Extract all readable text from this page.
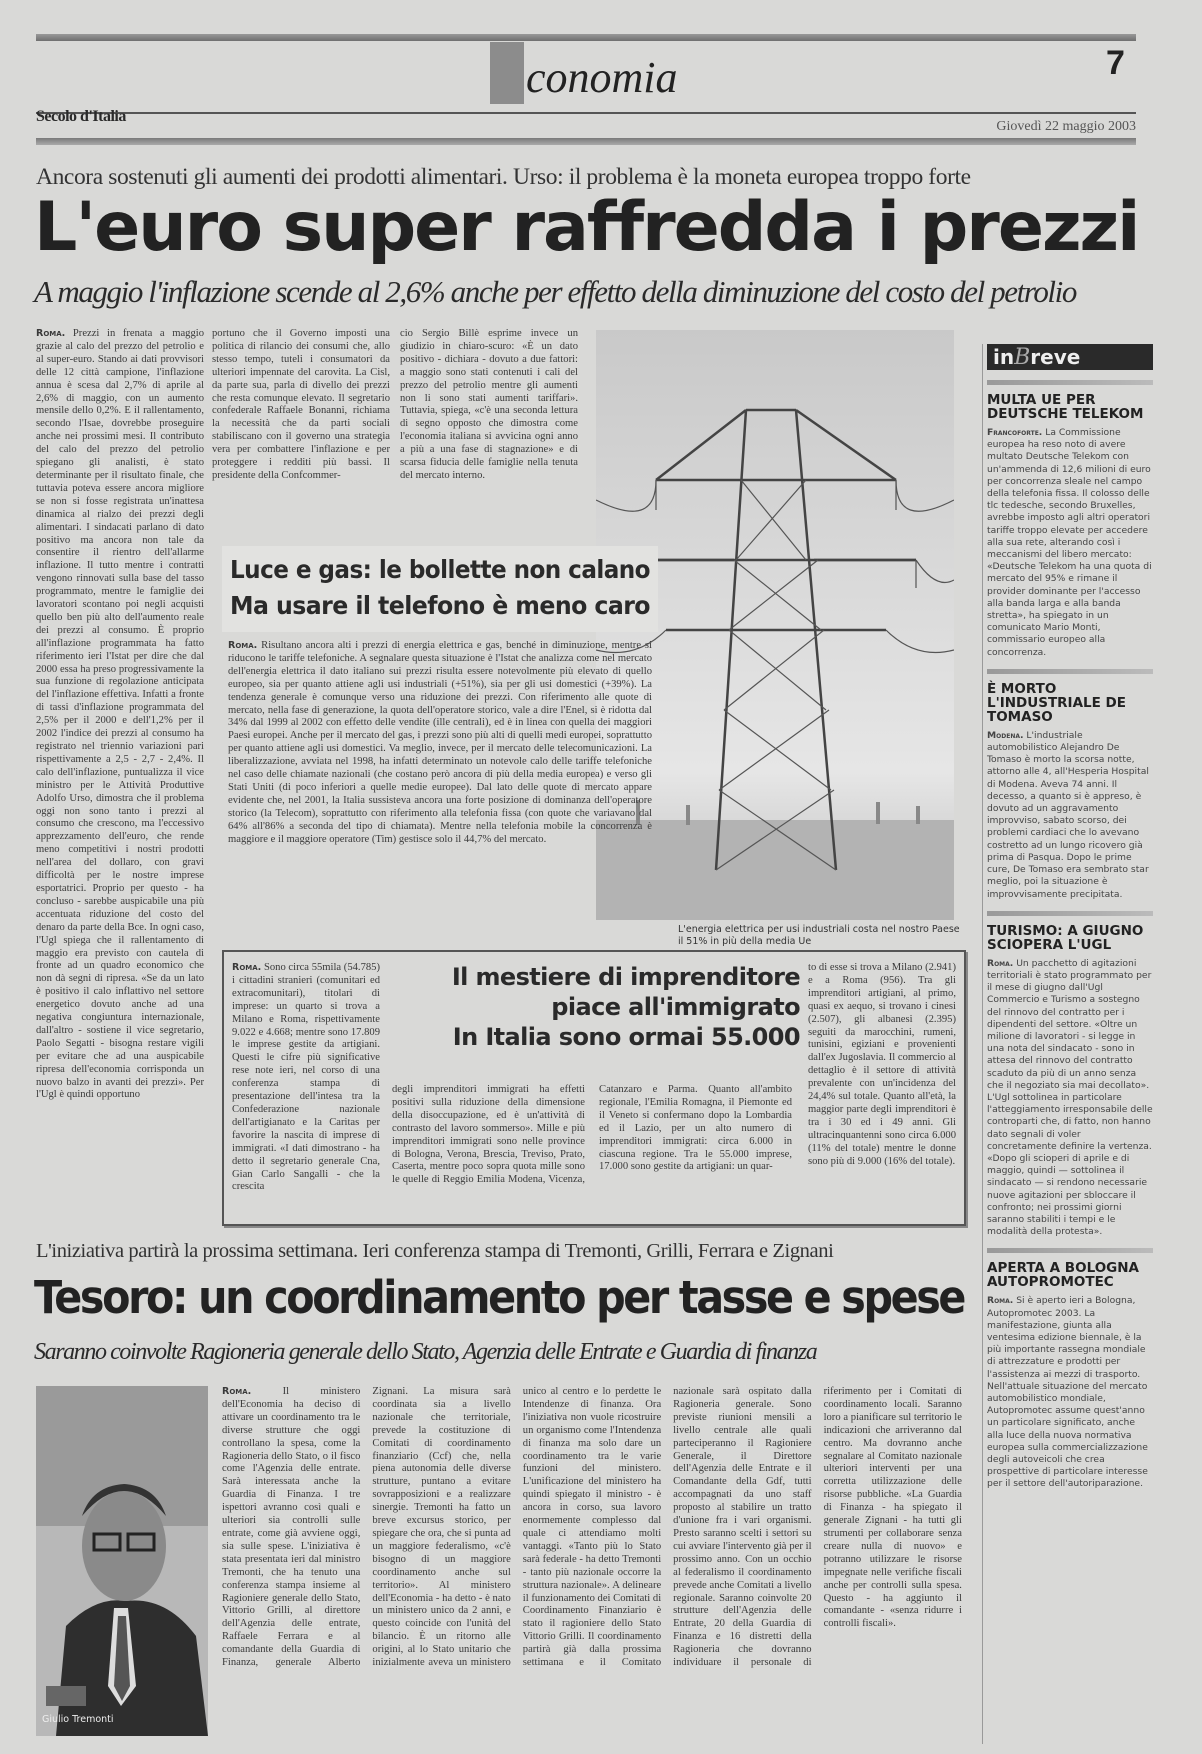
conomia	7
Secolo d'Italia
Giovedì 22 maggio 2003
Ancora sostenuti gli aumenti dei prodotti alimentari. Urso: il problema è la moneta europea troppo forte
L'euro super raffredda i prezzi
A maggio l'inflazione scende al 2,6% anche per effetto della diminuzione del costo del petrolio
Roma. Prezzi in frenata a maggio grazie al calo del prezzo del petrolio e al super-euro. Stando ai dati provvisori delle 12 città campione, l'inflazione annua è scesa dal 2,7% di aprile al 2,6% di maggio, con un aumento mensile dello 0,2%. E il rallentamento, secondo l'Isae, dovrebbe proseguire anche nei prossimi mesi. Il contributo del calo del prezzo del petrolio spiegano gli analisti, è stato determinante per il risultato finale, che tuttavia poteva essere ancora migliore se non si fosse registrata un'inattesa dinamica al rialzo dei prezzi degli alimentari. I sindacati parlano di dato positivo ma ancora non tale da consentire il rientro dell'allarme inflazione. Il tutto mentre i contratti vengono rinnovati sulla base del tasso programmato, mentre le famiglie dei lavoratori scontano poi negli acquisti quello ben più alto dell'aumento reale dei prezzi al consumo. È proprio all'inflazione programmata ha fatto riferimento ieri l'Istat per dire che dal 2000 essa ha preso progressivamente la sua funzione di regolazione anticipata del l'inflazione effettiva. Infatti a fronte di tassi d'inflazione programmata del 2,5% per il 2000 e dell'1,2% per il 2002 l'indice dei prezzi al consumo ha registrato nel triennio variazioni pari rispettivamente a 2,5 - 2,7 - 2,4%. Il calo dell'inflazione, puntualizza il vice ministro per le Attività Produttive Adolfo Urso, dimostra che il problema oggi non sono tanto i prezzi al consumo che crescono, ma l'eccessivo apprezzamento dell'euro, che rende meno competitivi i nostri prodotti nell'area del dollaro, con gravi difficoltà per le nostre imprese esportatrici. Proprio per questo - ha concluso - sarebbe auspicabile una più accentuata riduzione del costo del denaro da parte della Bce. In ogni caso, l'Ugl spiega che il rallentamento di maggio era previsto con cautela di fronte ad un quadro economico che non dà segni di ripresa. «Se da un lato è positivo il calo inflattivo nel settore energetico dovuto anche ad una negativa congiuntura internazionale, dall'altro - sostiene il vice segretario, Paolo Segatti - bisogna restare vigili per evitare che ad una auspicabile ripresa dell'economia corrisponda un nuovo balzo in avanti dei prezzi». Per l'Ugl è quindi opportuno
portuno che il Governo imposti una politica di rilancio dei consumi che, allo stesso tempo, tuteli i consumatori da ulteriori impennate del carovita. La Cisl, da parte sua, parla di divello dei prezzi che resta comunque elevato. Il segretario confederale Raffaele Bonanni, richiama la necessità che da parti sociali stabiliscano con il governo una strategia vera per combattere l'inflazione e per proteggere i redditi più bassi. Il presidente della Confcommer-
cio Sergio Billè esprime invece un giudizio in chiaro-scuro: «È un dato positivo - dichiara - dovuto a due fattori: a maggio sono stati contenuti i cali del prezzo del petrolio mentre gli aumenti non li sono stati aumenti tariffari». Tuttavia, spiega, «c'è una seconda lettura di segno opposto che dimostra come l'economia italiana si avvicina ogni anno a più a una fase di stagnazione» e di scarsa fiducia delle famiglie nella tenuta del mercato interno.
L'energia elettrica per usi industriali costa nel nostro Paese il 51% in più della media Ue
Luce e gas: le bollette non calano
Ma usare il telefono è meno caro
Roma. Risultano ancora alti i prezzi di energia elettrica e gas, benché in diminuzione, mentre si riducono le tariffe telefoniche. A segnalare questa situazione è l'Istat che analizza come nel mercato dell'energia elettrica il dato italiano sui prezzi risulta essere notevolmente più elevato di quello europeo, sia per quanto attiene agli usi industriali (+51%), sia per gli usi domestici (+39%). La tendenza generale è comunque verso una riduzione dei prezzi. Con riferimento alle quote di mercato, nella fase di generazione, la quota dell'operatore storico, vale a dire l'Enel, si è ridotta dal 34% dal 1999 al 2002 con effetto delle vendite (ille centrali), ed è in linea con quella dei maggiori Paesi europei. Anche per il mercato del gas, i prezzi sono più alti di quelli medi europei, soprattutto per quanto attiene agli usi domestici. Va meglio, invece, per il mercato delle telecomunicazioni. La liberalizzazione, avviata nel 1998, ha infatti determinato un notevole calo delle tariffe telefoniche nel caso delle chiamate nazionali (che costano però ancora di più della media europea) e verso gli Stati Uniti (di poco inferiori a quelle medie europee). Dal lato delle quote di mercato appare evidente che, nel 2001, la Italia sussisteva ancora una forte posizione di dominanza dell'operatore storico (la Telecom), soprattutto con riferimento alla telefonia fissa (con quote che variavano dal 64% all'86% a seconda del tipo di chiamata). Mentre nella telefonia mobile la concorrenza è maggiore e il maggiore operatore (Tim) gestisce solo il 44,7% del mercato.
Roma. Sono circa 55mila (54.785) i cittadini stranieri (comunitari ed extracomunitari), titolari di imprese: un quarto si trova a Milano e Roma, rispettivamente 9.022 e 4.668; mentre sono 17.809 le imprese gestite da artigiani. Questi le cifre più significative rese note ieri, nel corso di una conferenza stampa di presentazione dell'intesa tra la Confederazione nazionale dell'artigianato e la Caritas per favorire la nascita di imprese di immigrati. «I dati dimostrano - ha detto il segretario generale Cna, Gian Carlo Sangalli - che la crescita
Il mestiere di imprenditore
piace all'immigrato
In Italia sono ormai 55.000
degli imprenditori immigrati ha effetti positivi sulla riduzione della dimensione della disoccupazione, ed è un'attività di contrasto del lavoro sommerso». Mille e più imprenditori immigrati sono nelle province di Bologna, Verona, Brescia, Treviso, Prato, Caserta, mentre poco sopra quota mille sono le quelle di Reggio Emilia Modena, Vicenza, Catanzaro e Parma. Quanto all'ambito regionale, l'Emilia Romagna, il Piemonte ed il Veneto si confermano dopo la Lombardia ed il Lazio, per un alto numero di imprenditori immigrati: circa 6.000 in ciascuna regione. Tra le 55.000 imprese, 17.000 sono gestite da artigiani: un quar-
to di esse si trova a Milano (2.941) e a Roma (956). Tra gli imprenditori artigiani, al primo, quasi ex aequo, si trovano i cinesi (2.507), gli albanesi (2.395) seguiti da marocchini, rumeni, tunisini, egiziani e provenienti dall'ex Jugoslavia. Il commercio al dettaglio è il settore di attività prevalente con un'incidenza del 24,4% sul totale. Quanto all'età, la maggior parte degli imprenditori è tra i 30 ed i 49 anni. Gli ultracinquantenni sono circa 6.000 (11% del totale) mentre le donne sono più di 9.000 (16% del totale).
L'iniziativa partirà la prossima settimana. Ieri conferenza stampa di Tremonti, Grilli, Ferrara e Zignani
Tesoro: un coordinamento per tasse e spese
Saranno coinvolte Ragioneria generale dello Stato, Agenzia delle Entrate e Guardia di finanza
Giulio Tremonti
Roma.	Il ministero dell'Economia ha deciso di attivare un coordinamento tra le diverse strutture che oggi controllano la spesa, come la Ragioneria dello Stato, o il fisco come l'Agenzia delle entrate. Sarà interessata anche la Guardia di Finanza. I tre ispettori avranno così quali e ulteriori sia controlli sulle entrate, come già avviene oggi, sia sulle spese. L'iniziativa è stata presentata ieri dal ministro Tremonti, che ha tenuto una conferenza stampa insieme al Ragioniere generale dello Stato, Vittorio Grilli, al direttore dell'Agenzia delle entrate, Raffaele Ferrara e al comandante della Guardia di Finanza, generale Alberto Zignani. La misura sarà coordinata sia a livello nazionale che territoriale, prevede la costituzione di Comitati di coordinamento finanziario (Ccf) che, nella piena autonomia delle diverse strutture, puntano a evitare sovrapposizioni e a realizzare sinergie. Tremonti ha fatto un breve excursus storico, per spiegare che ora, che si punta ad un maggiore federalismo, «c'è bisogno di un maggiore coordinamento anche sul territorio». Al ministero dell'Economia - ha detto - è nato un ministero unico da 2 anni, e questo coincide con l'unità del bilancio. È un ritorno alle origini, al lo Stato unitario che inizialmente aveva un ministero unico al centro e lo perdette le Intendenze di finanza. Ora l'iniziativa non vuole ricostruire un organismo come l'Intendenza di finanza ma solo dare un coordinamento tra le varie funzioni del ministero. L'unificazione del ministero ha quindi spiegato il ministro - è ancora in corso, sua lavoro enormemente complesso dal quale ci attendiamo molti vantaggi. «Tanto più lo Stato sarà federale - ha detto Tremonti - tanto più nazionale occorre la struttura nazionale». A delineare il funzionamento dei Comitati di Coordinamento Finanziario è stato il ragioniere dello Stato Vittorio Grilli. Il coordinamento partirà già dalla prossima settimana e il Comitato nazionale sarà ospitato dalla Ragioneria generale. Sono previste riunioni mensili a livello centrale alle quali parteciperanno il Ragioniere Generale, il Direttore dell'Agenzia delle Entrate e il Comandante della Gdf, tutti accompagnati da uno staff proposto al stabilire un tratto d'unione fra i vari organismi. Presto saranno scelti i settori su cui avviare l'intervento già per il prossimo anno. Con un occhio al federalismo il coordinamento prevede anche Comitati a livello regionale. Saranno coinvolte 20 strutture dell'Agenzia delle Entrate, 20 della Guardia di Finanza e 16 distretti della Ragioneria che dovranno individuare il personale di riferimento per i Comitati di coordinamento locali. Saranno loro a pianificare sul territorio le indicazioni che arriveranno dal centro. Ma dovranno anche segnalare al Comitato nazionale ulteriori interventi per una corretta utilizzazione delle risorse pubbliche. «La Guardia di Finanza - ha spiegato il generale Zignani - ha tutti gli strumenti per collaborare senza creare nulla di nuovo» e potranno utilizzare le risorse impegnate nelle verifiche fiscali anche per controlli sulla spesa. Questo - ha aggiunto il comandante - «senza ridurre i controlli fiscali».
inBreve
MULTA UE PER DEUTSCHE TELEKOM

Francoforte. La Commissione europea ha reso noto di avere multato Deutsche Telekom con un'ammenda di 12,6 milioni di euro per concorrenza sleale nel campo della telefonia fissa. Il colosso delle tlc tedesche, secondo Bruxelles, avrebbe imposto agli altri operatori tariffe troppo elevate per accedere alla sua rete, alterando così i meccanismi del libero mercato: «Deutsche Telekom ha una quota di mercato del 95% e rimane il provider dominante per l'accesso alla banda larga e alla banda stretta», ha spiegato in un comunicato Mario Monti, commissario europeo alla concorrenza.

È MORTO L'INDUSTRIALE DE TOMASO

Modena. L'industriale automobilistico Alejandro De Tomaso è morto la scorsa notte, attorno alle 4, all'Hesperia Hospital di Modena. Aveva 74 anni. Il decesso, a quanto si è appreso, è dovuto ad un aggravamento improvviso, sabato scorso, dei problemi cardiaci che lo avevano costretto ad un lungo ricovero già prima di Pasqua. Dopo le prime cure, De Tomaso era sembrato star meglio, poi la situazione è improvvisamente precipitata.

TURISMO: A GIUGNO SCIOPERA L'UGL

Roma. Un pacchetto di agitazioni territoriali è stato programmato per il mese di giugno dall'Ugl Commercio e Turismo a sostegno del rinnovo del contratto per i dipendenti del settore. «Oltre un milione di lavoratori - si legge in una nota del sindacato - sono in attesa del rinnovo del contratto scaduto da più di un anno senza che il negoziato sia mai decollato». L'Ugl sottolinea in particolare l'atteggiamento irresponsabile delle controparti che, di fatto, non hanno dato segnali di voler concretamente definire la vertenza. «Dopo gli scioperi di aprile e di maggio, quindi — sottolinea il sindacato — si rendono necessarie nuove agitazioni per sbloccare il confronto; nei prossimi giorni saranno stabiliti i tempi e le modalità della protesta».

APERTA A BOLOGNA AUTOPROMOTEC

Roma. Si è aperto ieri a Bologna, Autopromotec 2003. La manifestazione, giunta alla ventesima edizione biennale, è la più importante rassegna mondiale di attrezzature e prodotti per l'assistenza ai mezzi di trasporto. Nell'attuale situazione del mercato automobilistico mondiale, Autopromotec assume quest'anno un particolare significato, anche alla luce della nuova normativa europea sulla commercializzazione degli autoveicoli che crea prospettive di particolare interesse per il settore dell'autoriparazione.
